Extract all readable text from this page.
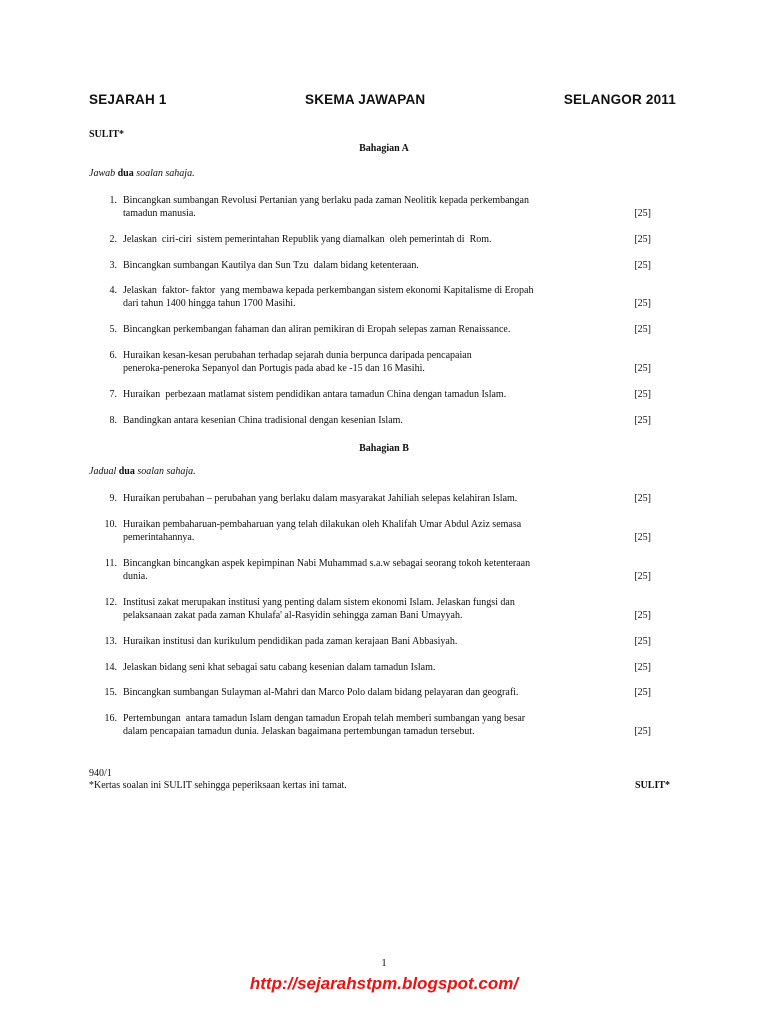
SEJARAH 1	SKEMA JAWAPAN	SELANGOR 2011
SULIT*
Bahagian A
Jawab dua soalan sahaja.
1. Bincangkan sumbangan Revolusi Pertanian yang berlaku pada zaman Neolitik kepada perkembangan
tamadun manusia.	[25]
2. Jelaskan  ciri-ciri  sistem pemerintahan Republik yang diamalkan  oleh pemerintah di  Rom.	[25]
3. Bincangkan sumbangan Kautilya dan Sun Tzu  dalam bidang ketenteraan.	[25]
4. Jelaskan  faktor- faktor  yang membawa kepada perkembangan sistem ekonomi Kapitalisme di Eropah
dari tahun 1400 hingga tahun 1700 Masihi.	[25]
5. Bincangkan perkembangan fahaman dan aliran pemikiran di Eropah selepas zaman Renaissance.	[25]
6. Huraikan kesan-kesan perubahan terhadap sejarah dunia berpunca daripada pencapaian
peneroka-peneroka Sepanyol dan Portugis pada abad ke -15 dan 16 Masihi.	[25]
7. Huraikan  perbezaan matlamat sistem pendidikan antara tamadun China dengan tamadun Islam.	[25]
8. Bandingkan antara kesenian China tradisional dengan kesenian Islam.	[25]
Bahagian B
Jadual dua soalan sahaja.
9. Huraikan perubahan – perubahan yang berlaku dalam masyarakat Jahiliah selepas kelahiran Islam.	[25]
10. Huraikan pembaharuan-pembaharuan yang telah dilakukan oleh Khalifah Umar Abdul Aziz semasa
pemerintahannya.	[25]
11. Bincangkan bincangkan aspek kepimpinan Nabi Muhammad s.a.w sebagai seorang tokoh ketenteraan
dunia.	[25]
12. Institusi zakat merupakan institusi yang penting dalam sistem ekonomi Islam. Jelaskan fungsi dan
pelaksanaan zakat pada zaman Khulafa' al-Rasyidin sehingga zaman Bani Umayyah.	[25]
13. Huraikan institusi dan kurikulum pendidikan pada zaman kerajaan Bani Abbasiyah.	[25]
14. Jelaskan bidang seni khat sebagai satu cabang kesenian dalam tamadun Islam.	[25]
15. Bincangkan sumbangan Sulayman al-Mahri dan Marco Polo dalam bidang pelayaran dan geografi.	[25]
16. Pertembungan  antara tamadun Islam dengan tamadun Eropah telah memberi sumbangan yang besar
dalam pencapaian tamadun dunia. Jelaskan bagaimana pertembungan tamadun tersebut.	[25]
940/1
*Kertas soalan ini SULIT sehingga peperiksaan kertas ini tamat.	SULIT*
1
http://sejarahstpm.blogspot.com/
